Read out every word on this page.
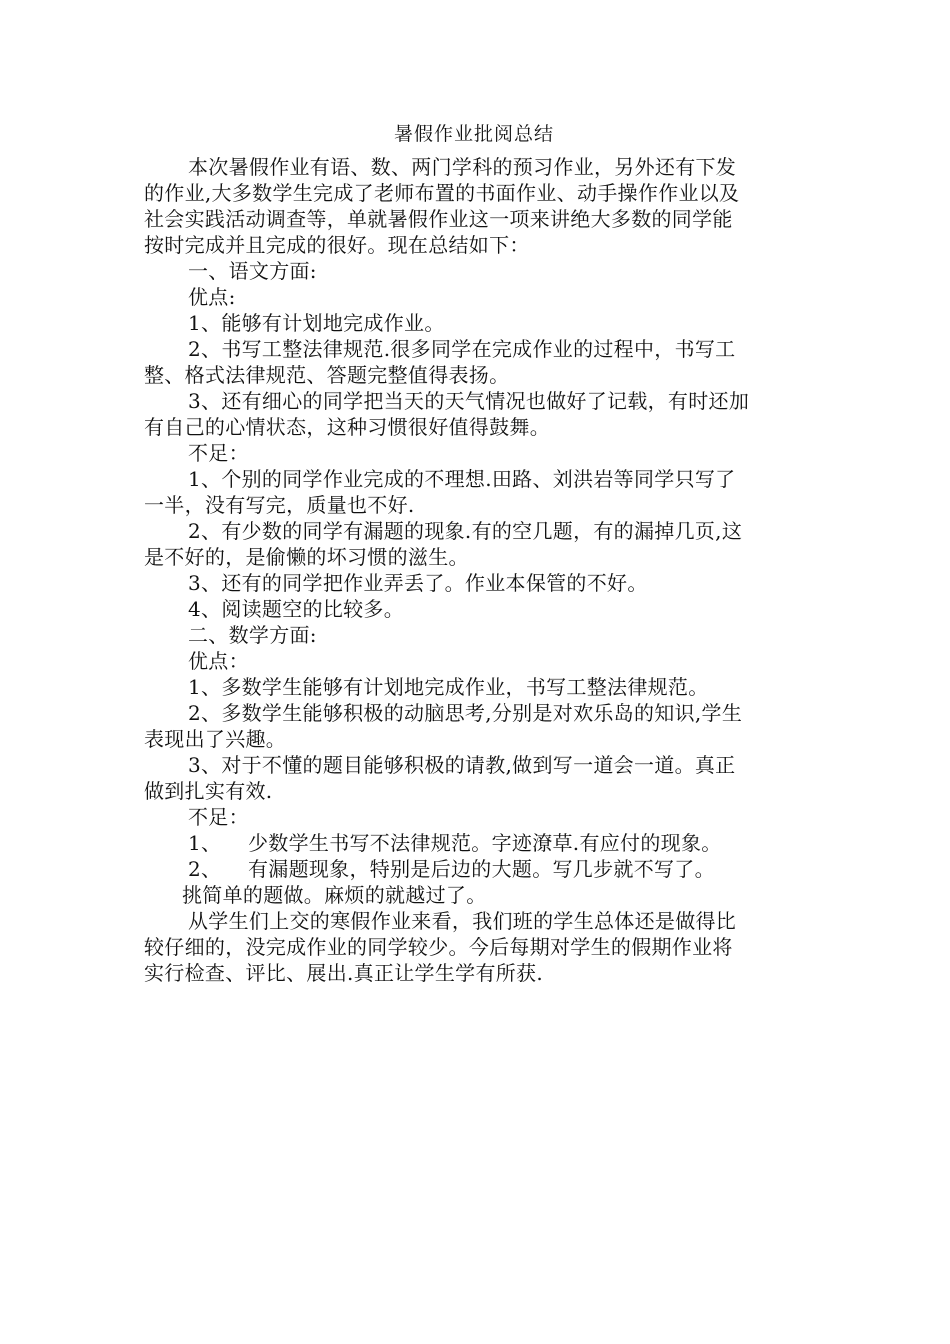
暑假作业批阅总结

本次暑假作业有语、数、两门学科的预习作业，另外还有下发

的作业,大多数学生完成了老师布置的书面作业、动手操作作业以及

社会实践活动调查等，单就暑假作业这一项来讲绝大多数的同学能

按时完成并且完成的很好。现在总结如下：

一、语文方面:

优点:

1、能够有计划地完成作业。

2、书写工整法律规范.很多同学在完成作业的过程中，书写工

整、格式法律规范、答题完整值得表扬。

3、还有细心的同学把当天的天气情况也做好了记载，有时还加

有自己的心情状态，这种习惯很好值得鼓舞。

不足：

1、个别的同学作业完成的不理想.田路、刘洪岩等同学只写了

一半，没有写完，质量也不好.

2、有少数的同学有漏题的现象.有的空几题，有的漏掉几页,这

是不好的，是偷懒的坏习惯的滋生。

3、还有的同学把作业弄丢了。作业本保管的不好。

4、阅读题空的比较多。

二、数学方面:

优点：

1、多数学生能够有计划地完成作业，书写工整法律规范。

2、多数学生能够积极的动脑思考,分别是对欢乐岛的知识,学生

表现出了兴趣。

3、对于不懂的题目能够积极的请教,做到写一道会一道。真正

做到扎实有效.

不足：

1、 少数学生书写不法律规范。字迹潦草.有应付的现象。

2、 有漏题现象，特别是后边的大题。写几步就不写了。

挑简单的题做。麻烦的就越过了。

从学生们上交的寒假作业来看，我们班的学生总体还是做得比

较仔细的，没完成作业的同学较少。今后每期对学生的假期作业将

实行检查、评比、展出.真正让学生学有所获.
